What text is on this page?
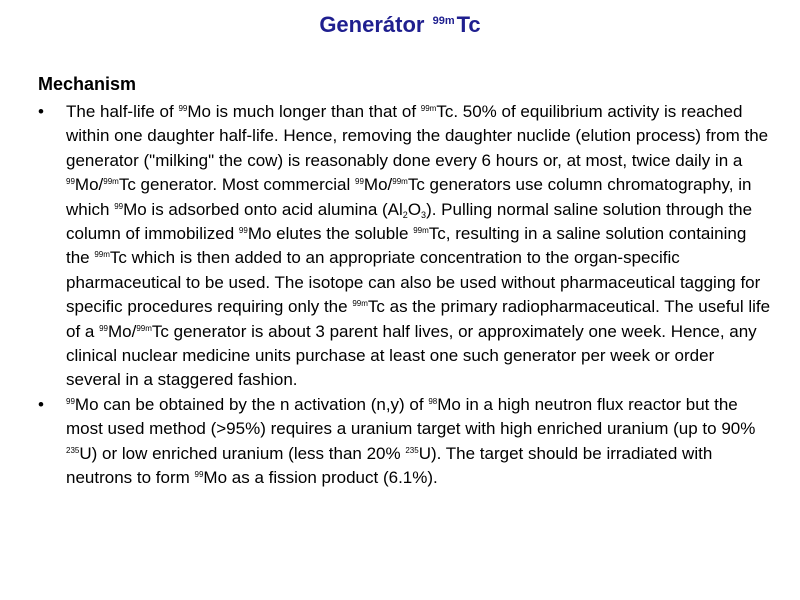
Generátor $^{99m}$Tc
Mechanism
• The half-life of $^{99}$Mo is much longer than that of $^{99m}$Tc. 50% of equilibrium activity is reached within one daughter half-life. Hence, removing the daughter nuclide (elution process) from the generator ("milking" the cow) is reasonably done every 6 hours or, at most, twice daily in a $^{99}$Mo/$^{99m}$Tc generator. Most commercial $^{99}$Mo/$^{99m}$Tc generators use column chromatography, in which $^{99}$Mo is adsorbed onto acid alumina $(Al_2O_3)$. Pulling normal saline solution through the column of immobilized $^{99}$Mo elutes the soluble $^{99m}$Tc, resulting in a saline solution containing the $^{99m}$Tc which is then added to an appropriate concentration to the organ-specific pharmaceutical to be used. The isotope can also be used without pharmaceutical tagging for specific procedures requiring only the $^{99m}$Tc as the primary radiopharmaceutical. The useful life of a $^{99}$Mo/$^{99m}$Tc generator is about 3 parent half lives, or approximately one week. Hence, any clinical nuclear medicine units purchase at least one such generator per week or order several in a staggered fashion.
•	$^{99}$Mo can be obtained by the n activation (n,y) of $^{98}$Mo in a high neutron flux reactor but the most used method (>95%) requires a uranium target with high enriched uranium (up to 90% $^{235}$U) or low enriched uranium (less than 20% $^{235}$U). The target should be irradiated with neutrons to form $^{99}$Mo as a fission product (6.1%).
